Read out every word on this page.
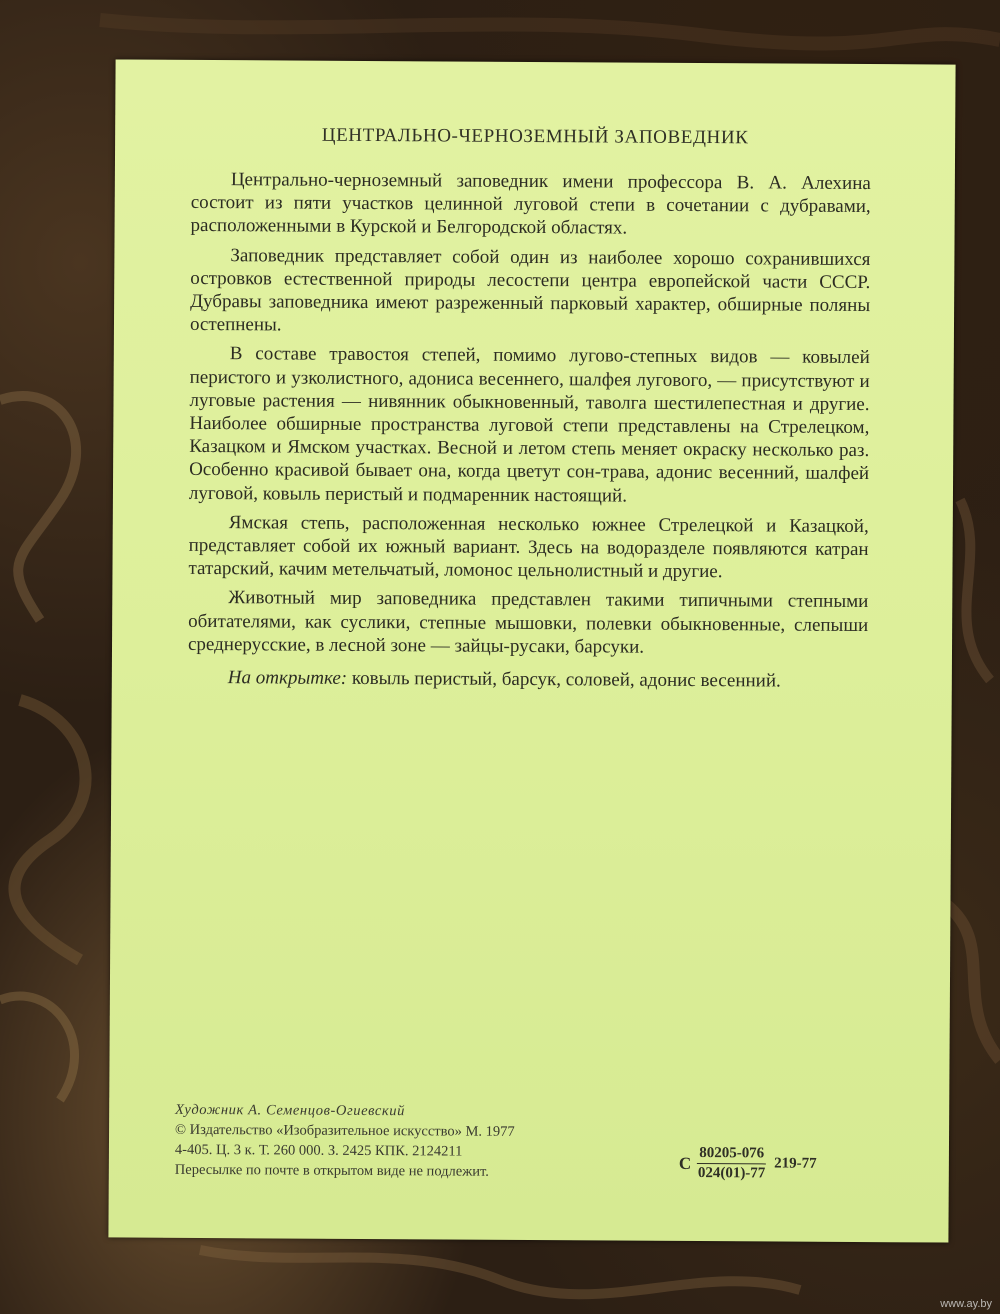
ЦЕНТРАЛЬНО-ЧЕРНОЗЕМНЫЙ ЗАПОВЕДНИК

Центрально-черноземный заповедник имени профессора В. А. Алехина состоит из пяти участков целинной луговой степи в сочетании с дубравами, расположенными в Курской и Белгородской областях.

Заповедник представляет собой один из наиболее хорошо сохранившихся островков естественной природы лесостепи центра европейской части СССР. Дубравы заповедника имеют разреженный парковый характер, обширные поляны остепнены.

В составе травостоя степей, помимо лугово-степных видов — ковылей перистого и узколистного, адониса весеннего, шалфея лугового, — присутствуют и луговые растения — нивянник обыкновенный, таволга шестилепестная и другие. Наиболее обширные пространства луговой степи представлены на Стрелецком, Казацком и Ямском участках. Весной и летом степь меняет окраску несколько раз. Особенно красивой бывает она, когда цветут сон-трава, адонис весенний, шалфей луговой, ковыль перистый и подмаренник настоящий.

Ямская степь, расположенная несколько южнее Стрелецкой и Казацкой, представляет собой их южный вариант. Здесь на водоразделе появляются катран татарский, качим метельчатый, ломонос цельнолистный и другие.

Животный мир заповедника представлен такими типичными степными обитателями, как суслики, степные мышовки, полевки обыкновенные, слепыши среднерусские, в лесной зоне — зайцы-русаки, барсуки.

На открытке: ковыль перистый, барсук, соловей, адонис весенний.

Художник А. Семенцов-Огиевский
© Издательство «Изобразительное искусство» М. 1977
4-405. Ц. 3 к. Т. 260 000. З. 2425 КПК. 2124211
Пересылке по почте в открытом виде не подлежит.	С $\frac{80205-076}{024(01)-77} 219-77$
www.ay.by
